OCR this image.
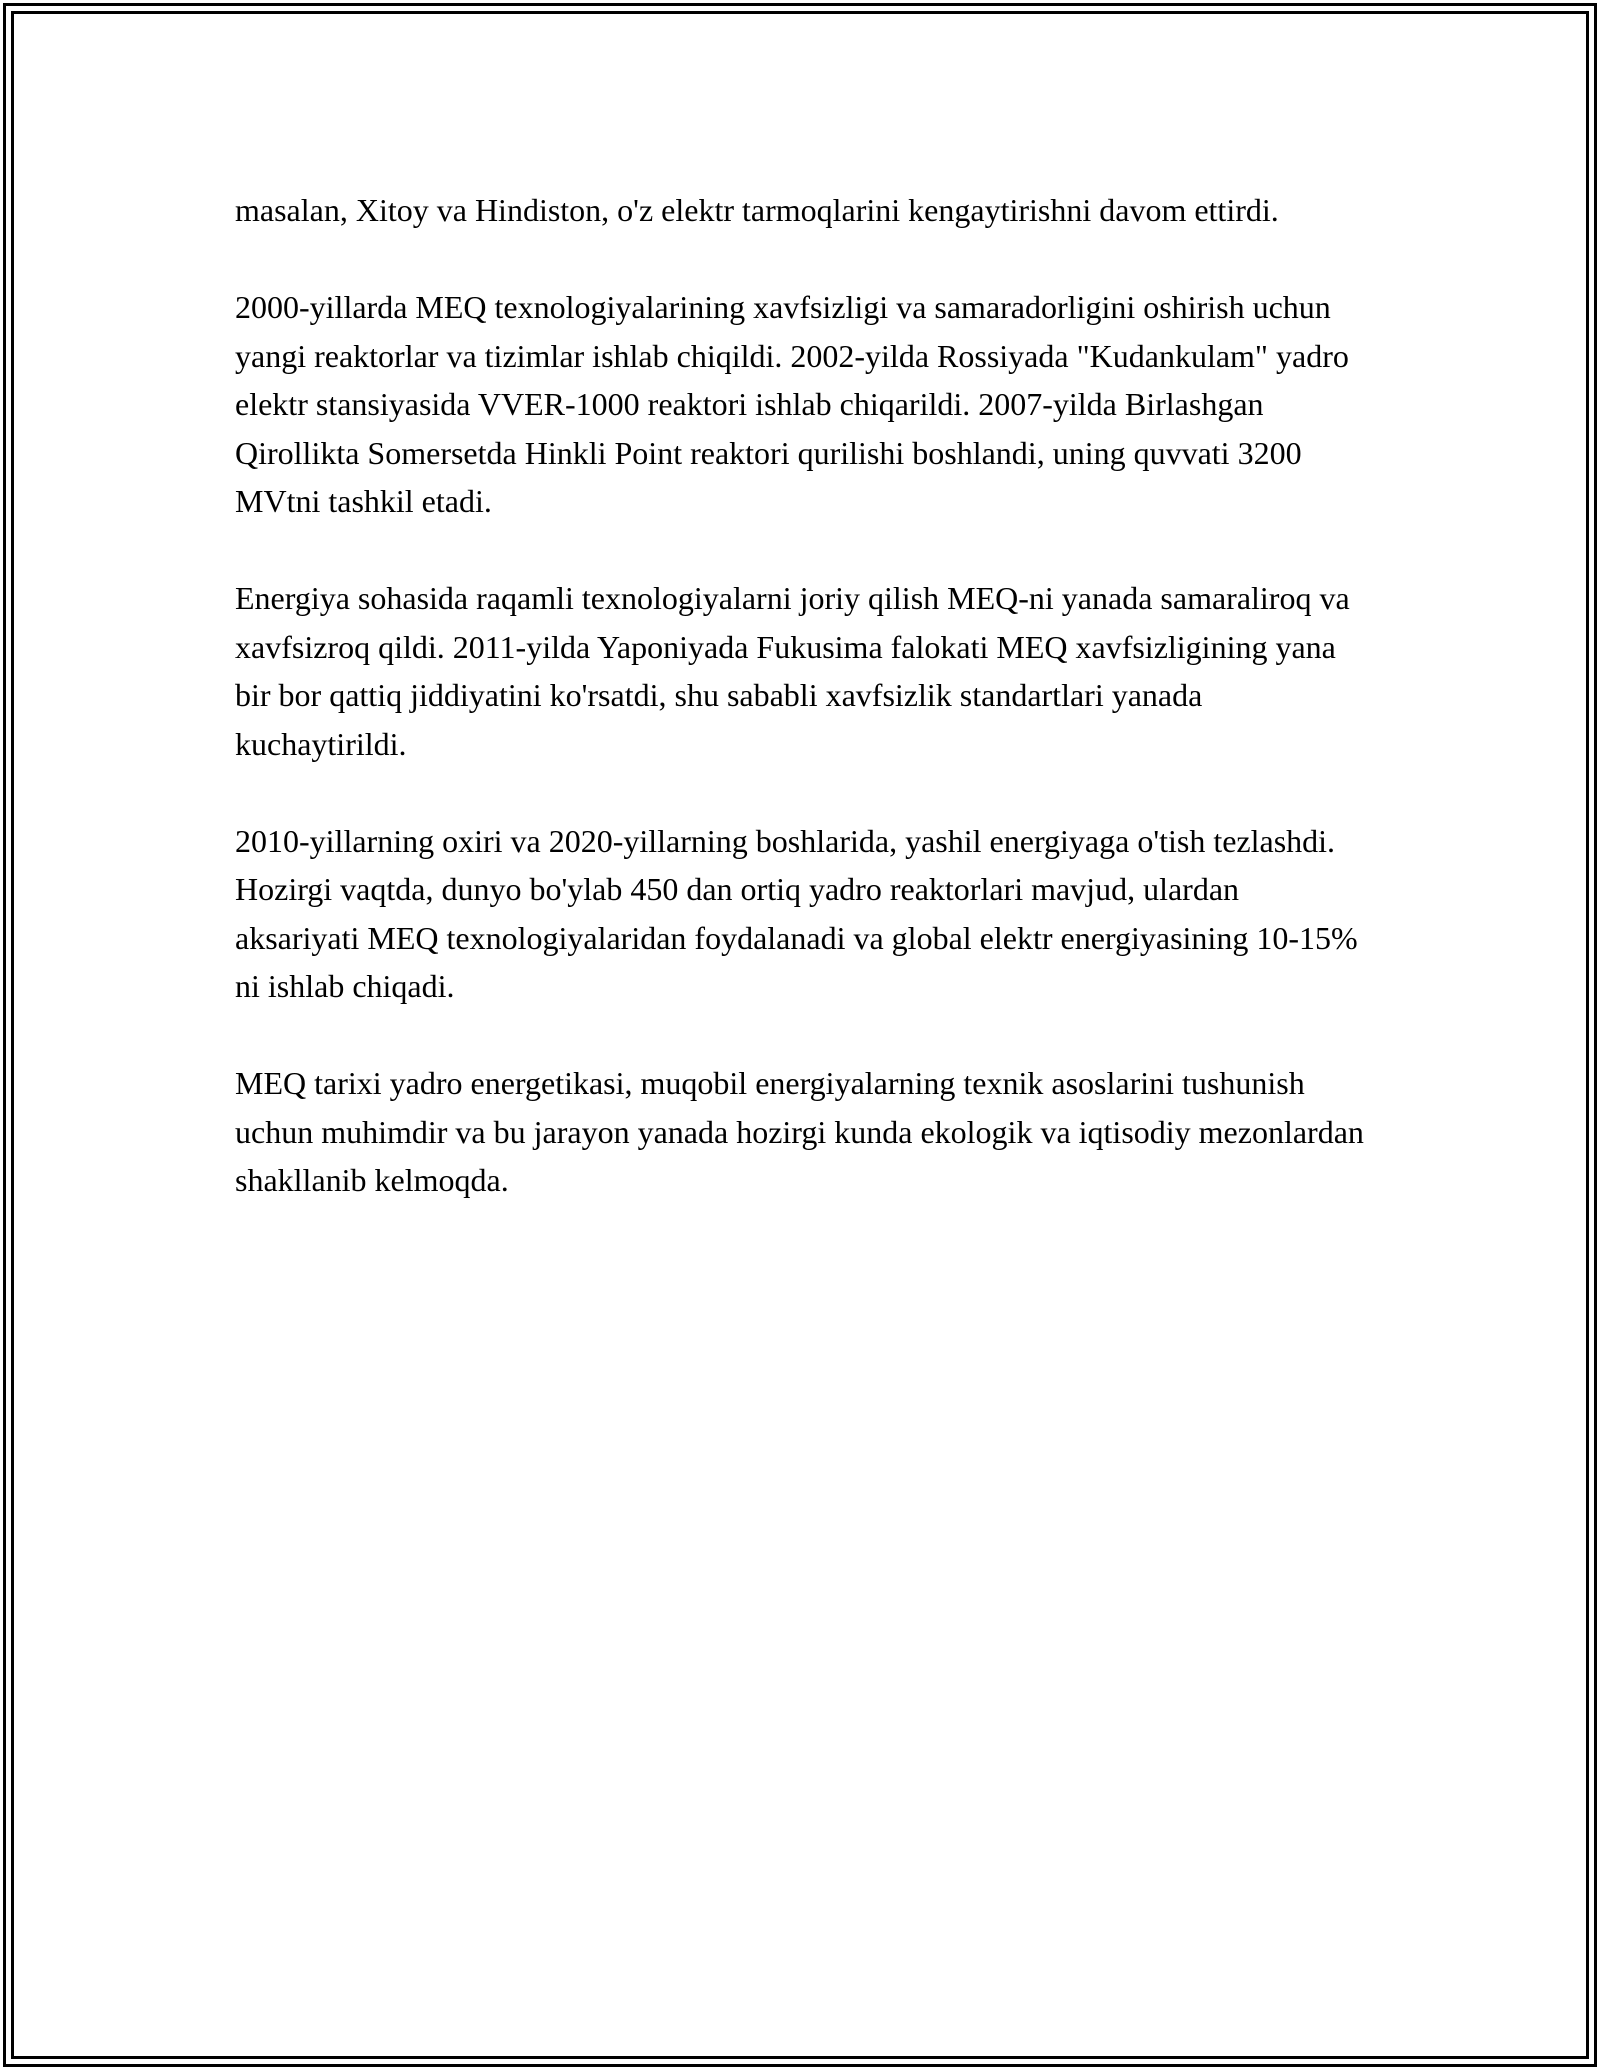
masalan, Xitoy va Hindiston, o'z elektr tarmoqlarini kengaytirishni davom ettirdi.

2000-yillarda MEQ texnologiyalarining xavfsizligi va samaradorligini oshirish uchun yangi reaktorlar va tizimlar ishlab chiqildi. 2002-yilda Rossiyada "Kudankulam" yadro elektr stansiyasida VVER-1000 reaktori ishlab chiqarildi. 2007-yilda Birlashgan Qirollikta Somersetda Hinkli Point reaktori qurilishi boshlandi, uning quvvati 3200 MVtni tashkil etadi.

Energiya sohasida raqamli texnologiyalarni joriy qilish MEQ-ni yanada samaraliroq va xavfsizroq qildi. 2011-yilda Yaponiyada Fukusima falokati MEQ xavfsizligining yana bir bor qattiq jiddiyatini ko'rsatdi, shu sababli xavfsizlik standartlari yanada kuchaytirildi.

2010-yillarning oxiri va 2020-yillarning boshlarida, yashil energiyaga o'tish tezlashdi. Hozirgi vaqtda, dunyo bo'ylab 450 dan ortiq yadro reaktorlari mavjud, ulardan aksariyati MEQ texnologiyalaridan foydalanadi va global elektr energiyasining 10-15% ni ishlab chiqadi.

MEQ tarixi yadro energetikasi, muqobil energiyalarning texnik asoslarini tushunish uchun muhimdir va bu jarayon yanada hozirgi kunda ekologik va iqtisodiy mezonlardan shakllanib kelmoqda.
